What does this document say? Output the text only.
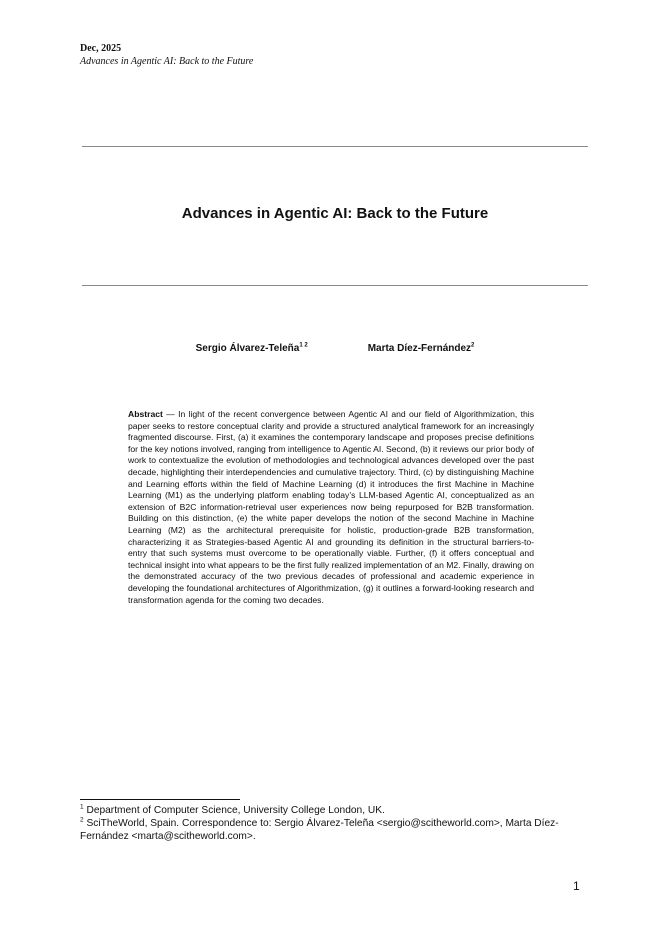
Dec, 2025
Advances in Agentic AI: Back to the Future
Advances in Agentic AI: Back to the Future
Sergio Álvarez-Teleña$^{1 2}$	Marta Díez-Fernández$^2$
Abstract — In light of the recent convergence between Agentic AI and our field of Algorithmization, this paper seeks to restore conceptual clarity and provide a structured analytical framework for an increasingly fragmented discourse. First, (a) it examines the contemporary landscape and proposes precise definitions for the key notions involved, ranging from intelligence to Agentic AI. Second, (b) it reviews our prior body of work to contextualize the evolution of methodologies and technological advances developed over the past decade, highlighting their interdependencies and cumulative trajectory. Third, (c) by distinguishing Machine and Learning efforts within the field of Machine Learning (d) it introduces the first Machine in Machine Learning (M1) as the underlying platform enabling today’s LLM-based Agentic AI, conceptualized as an extension of B2C information-retrieval user experiences now being repurposed for B2B transformation. Building on this distinction, (e) the white paper develops the notion of the second Machine in Machine Learning (M2) as the architectural prerequisite for holistic, production-grade B2B transformation, characterizing it as Strategies-based Agentic AI and grounding its definition in the structural barriers-to-entry that such systems must overcome to be operationally viable. Further, (f) it offers conceptual and technical insight into what appears to be the first fully realized implementation of an M2. Finally, drawing on the demonstrated accuracy of the two previous decades of professional and academic experience in developing the foundational architectures of Algorithmization, (g) it outlines a forward-looking research and transformation agenda for the coming two decades.

$^1$ Department of Computer Science, University College London, UK.

$^2$ SciTheWorld, Spain. Correspondence to: Sergio Álvarez-Teleña <sergio@scitheworld.com>, Marta Díez-Fernández <marta@scitheworld.com>.

1
